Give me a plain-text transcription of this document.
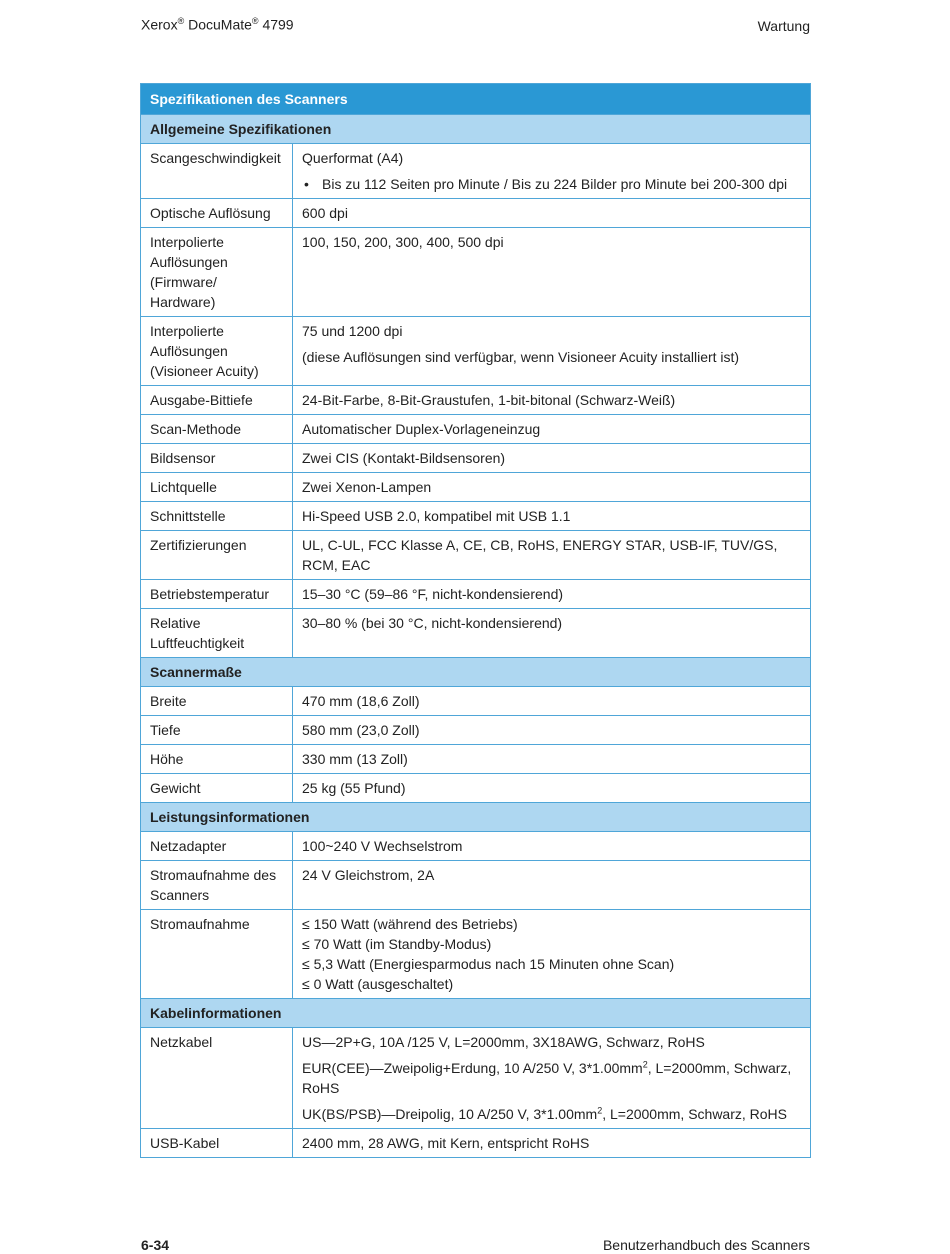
Xerox® DocuMate® 4799	Wartung
Spezifikationen des Scanners	
Allgemeine Spezifikationen	
Scangeschwindigkeit	Querformat (A4)

• Bis zu 112 Seiten pro Minute / Bis zu 224 Bilder pro Minute bei 200-300 dpi

Optische Auflösung	600 dpi
Interpolierte Auflösungen (Firmware/ Hardware)	100, 150, 200, 300, 400, 500 dpi
Interpolierte Auflösungen (Visioneer Acuity)	75 und 1200 dpi

(diese Auflösungen sind verfügbar, wenn Visioneer Acuity installiert ist)

Ausgabe-Bittiefe	24-Bit-Farbe, 8-Bit-Graustufen, 1-bit-bitonal (Schwarz-Weiß)
Scan-Methode	Automatischer Duplex-Vorlageneinzug
Bildsensor	Zwei CIS (Kontakt-Bildsensoren)
Lichtquelle	Zwei Xenon-Lampen
Schnittstelle	Hi-Speed USB 2.0, kompatibel mit USB 1.1
Zertifizierungen	UL, C-UL, FCC Klasse A, CE, CB, RoHS, ENERGY STAR, USB-IF, TUV/GS, RCM, EAC
Betriebstemperatur	15–30 °C (59–86 °F, nicht-kondensierend)
Relative Luftfeuchtigkeit	30–80 % (bei 30 °C, nicht-kondensierend)
Scannermaße	
Breite	470 mm (18,6 Zoll)
Tiefe	580 mm (23,0 Zoll)
Höhe	330 mm (13 Zoll)
Gewicht	25 kg (55 Pfund)
Leistungsinformationen	
Netzadapter	100~240 V Wechselstrom
Stromaufnahme des Scanners	24 V Gleichstrom, 2A
Stromaufnahme	≤ 150 Watt (während des Betriebs)
≤ 70 Watt (im Standby-Modus)
≤ 5,3 Watt (Energiesparmodus nach 15 Minuten ohne Scan)
≤ 0 Watt (ausgeschaltet)

Kabelinformationen	
Netzkabel	US—2P+G, 10A /125 V, L=2000mm, 3X18AWG, Schwarz, RoHS

EUR(CEE)—Zweipolig+Erdung, 10 A/250 V, $3*1.00mm^2$, L=2000mm, Schwarz, RoHS

UK(BS/PSB)—Dreipolig, 10 A/250 V, $3*1.00mm^2$, L=2000mm, Schwarz, RoHS

USB-Kabel	2400 mm, 28 AWG, mit Kern, entspricht RoHS
6-34	Benutzerhandbuch des Scanners
